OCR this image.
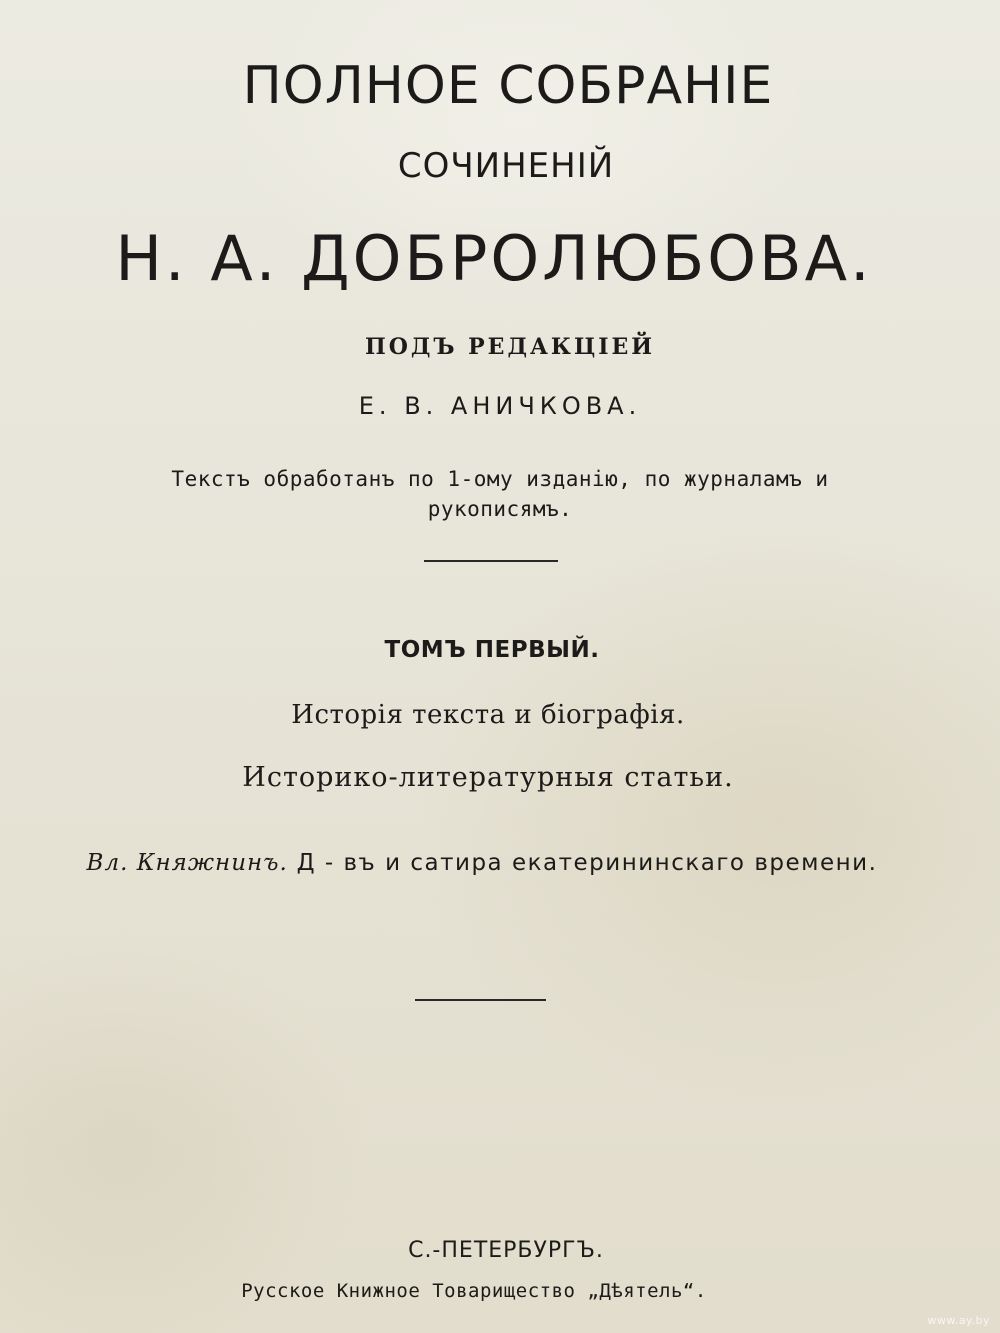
ПОЛНОЕ СОБРАНІЕ
СОЧИНЕНІЙ
Н. А. ДОБРОЛЮБОВА.
ПОДЪ РЕДАКЦІЕЙ
Е. В. АНИЧКОВА.
Текстъ обработанъ по 1-ому изданію, по журналамъ и рукописямъ.
ТОМЪ ПЕРВЫЙ.
Исторія текста и біографія.
Историко-литературныя статьи.
Вл. Княжнинъ. Д - въ и сатира екатерининскаго времени.
С.-ПЕТЕРБУРГЪ.
Русское Книжное Товарищество „Дѣятель“.
www.ay.by
